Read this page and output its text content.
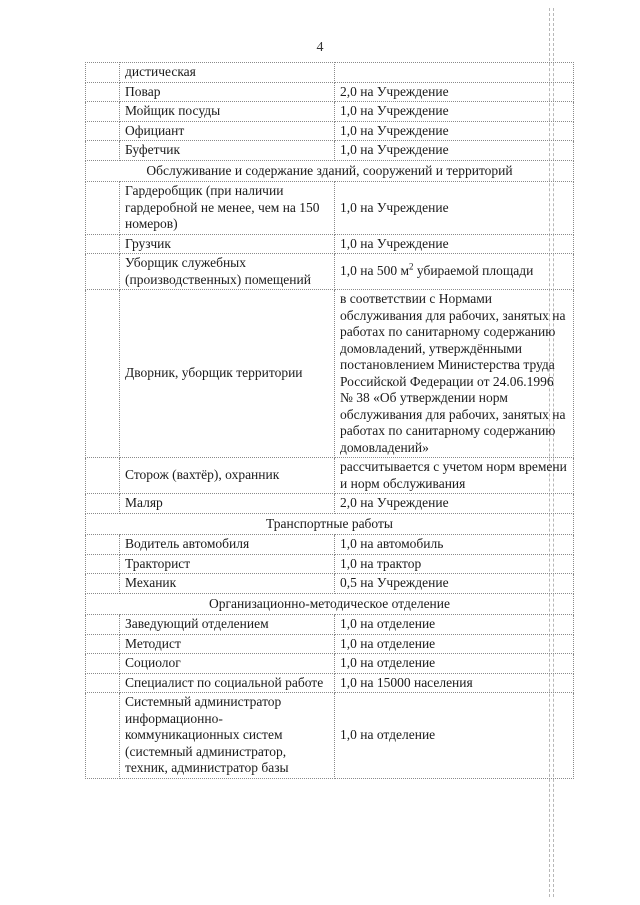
4
	дистическая	
	Повар	2,0 на Учреждение
	Мойщик посуды	1,0 на Учреждение
	Официант	1,0 на Учреждение
	Буфетчик	1,0 на Учреждение
Обслуживание и содержание зданий, сооружений и территорий		
	Гардеробщик (при наличии гардеробной не менее, чем на 150 номеров)	1,0 на Учреждение
	Грузчик	1,0 на Учреждение
	Уборщик служебных (производственных) помещений	1,0 на 500 $м^2$ убираемой площади
	Дворник, уборщик территории	в соответствии с Нормами обслуживания для рабочих, занятых на работах по санитарному содержанию домовладений, утверждёнными постановлением Министерства труда Российской Федерации от 24.06.1996 № 38 «Об утверждении норм обслуживания для рабочих, занятых на работах по санитарному содержанию домовладений»
	Сторож (вахтёр), охранник	рассчитывается с учетом норм времени и норм обслуживания
	Маляр	2,0 на Учреждение
Транспортные работы		
	Водитель автомобиля	1,0 на автомобиль
	Тракторист	1,0 на трактор
	Механик	0,5 на Учреждение
Организационно-методическое отделение		
	Заведующий отделением	1,0 на отделение
	Методист	1,0 на отделение
	Социолог	1,0 на отделение
	Специалист по социальной работе	1,0 на 15000 населения
	Системный администратор информационно-коммуникационных систем (системный администратор, техник, администратор базы	1,0 на отделение
